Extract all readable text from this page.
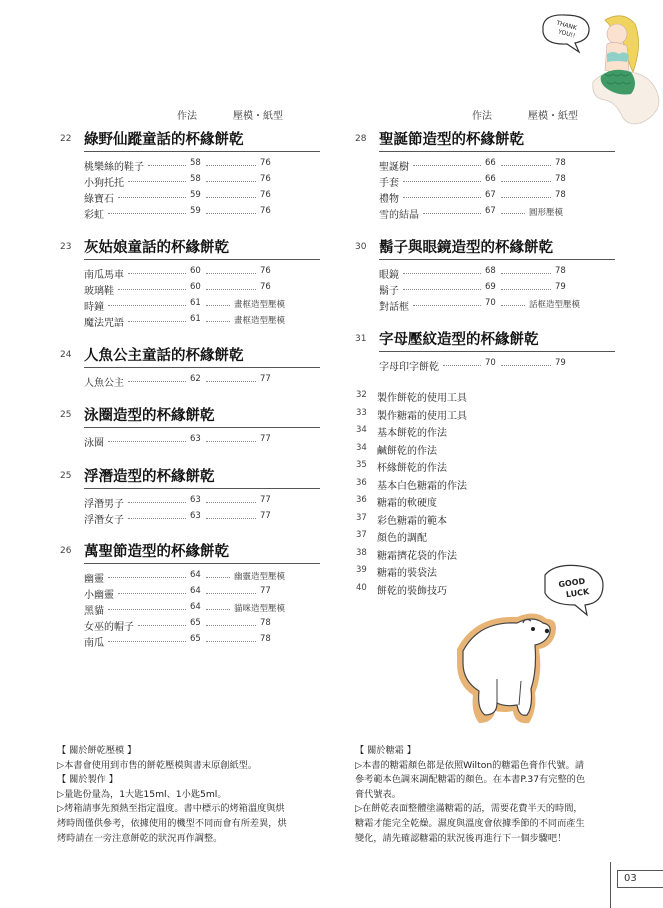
作法	壓模・紙型	作法	壓模・紙型
22 綠野仙蹤童話的杯緣餅乾
桃樂絲的鞋子	58	76
小狗托托	58	76
綠寶石	59	76
彩虹	59	76
23 灰姑娘童話的杯緣餅乾
南瓜馬車	60	76
玻璃鞋	60	76
時鐘	61	畫框造型壓模
魔法咒語	61	畫框造型壓模
24 人魚公主童話的杯緣餅乾
人魚公主	62	77
25 泳圈造型的杯緣餅乾
泳圈	63	77
25 浮潛造型的杯緣餅乾
浮潛男子	63	77
浮潛女子	63	77
26 萬聖節造型的杯緣餅乾
幽靈	64	幽靈造型壓模
小幽靈	64	77
黑貓	64	貓咪造型壓模
女巫的帽子	65	78
南瓜	65	78
28 聖誕節造型的杯緣餅乾
聖誕樹	66	78
手套	66	78
禮物	67	78
雪的結晶	67	圓形壓模
30 鬍子與眼鏡造型的杯緣餅乾
眼鏡	68	78
鬍子	69	79
對話框	70	話框造型壓模
31 字母壓紋造型的杯緣餅乾
字母印字餅乾	70	79
32 製作餅乾的使用工具
33 製作糖霜的使用工具
34 基本餅乾的作法
34 鹹餅乾的作法
35 杯緣餅乾的作法
36 基本白色糖霜的作法
36 糖霜的軟硬度
37 彩色糖霜的範本
37 顏色的調配
38 糖霜擠花袋的作法
39 糖霜的裝袋法
40 餅乾的裝飾技巧
THANK
YOU!!
GOOD
LUCK

【 關於餅乾壓模 】

▷本書會使用到市售的餅乾壓模與書末原創紙型。

【 關於製作 】

▷量匙份量為，1大匙15ml、1小匙5ml。

▷烤箱請事先預熱至指定溫度。書中標示的烤箱溫度與烘

烤時間僅供參考，依據使用的機型不同而會有所差異，烘

烤時請在一旁注意餅乾的狀況再作調整。

【 關於糖霜 】

▷本書的糖霜顏色都是依照Wilton的糖霜色膏作代號。請

參考範本色調來調配糖霜的顏色。在本書P.37有完整的色

膏代號表。

▷在餅乾表面整體塗滿糖霜的話，需要花費半天的時間，

糖霜才能完全乾燥。濕度與溫度會依據季節的不同而產生

變化，請先確認糖霜的狀況後再進行下一個步驟吧！

03
